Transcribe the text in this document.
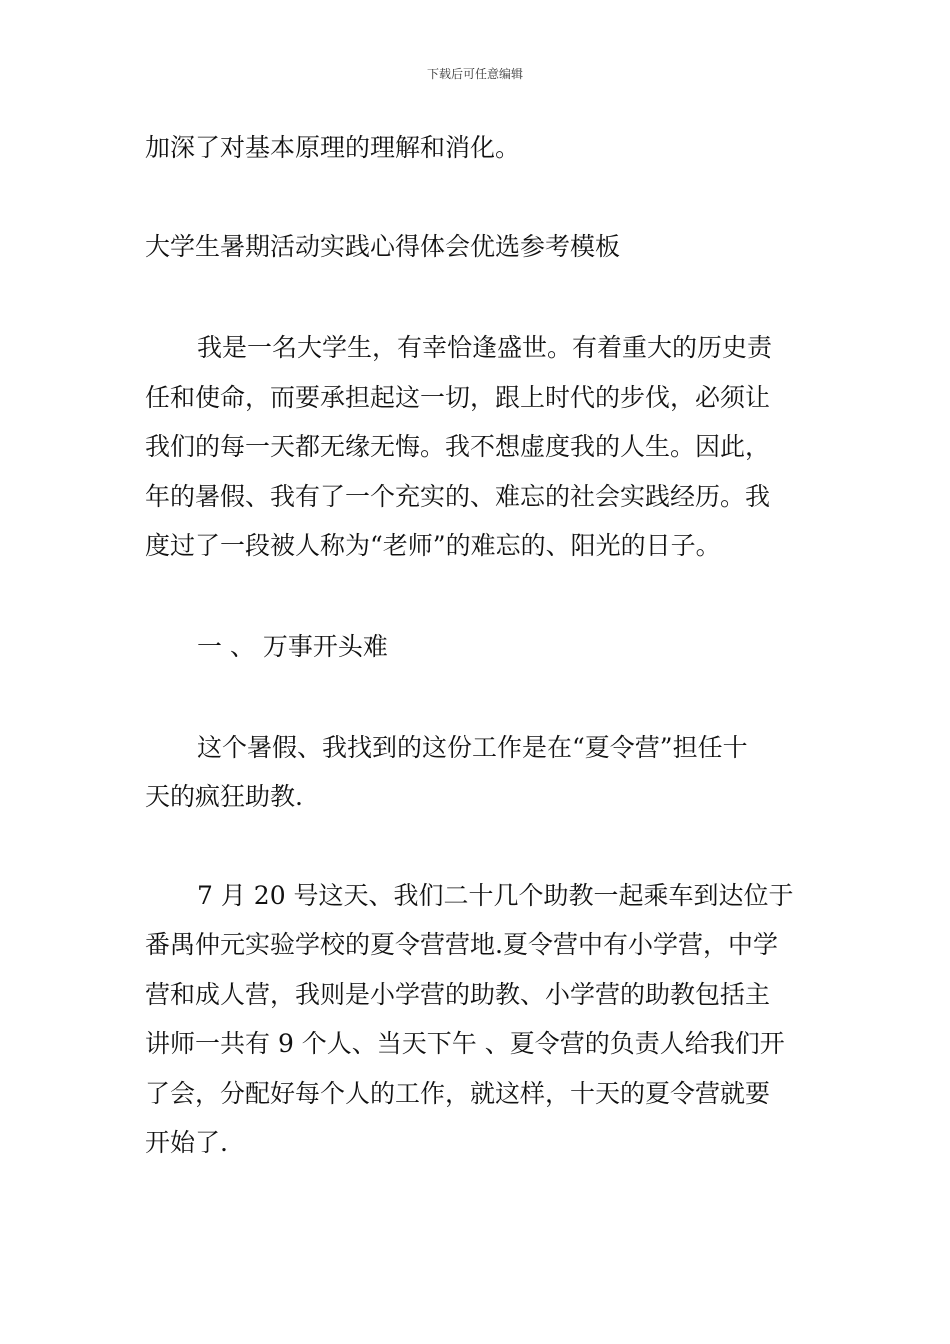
下载后可任意编辑
加深了对基本原理的理解和消化。
大学生暑期活动实践心得体会优选参考模板
我是一名大学生，有幸恰逢盛世。有着重大的历史责
任和使命，而要承担起这一切，跟上时代的步伐，必须让
我们的每一天都无缘无悔。我不想虚度我的人生。因此，
年的暑假、我有了一个充实的、难忘的社会实践经历。我
度过了一段被人称为“老师”的难忘的、阳光的日子。
一 、 万事开头难
这个暑假、我找到的这份工作是在“夏令营”担任十
天的疯狂助教.
7 月 20 号这天、我们二十几个助教一起乘车到达位于
番禺仲元实验学校的夏令营营地.夏令营中有小学营，中学
营和成人营，我则是小学营的助教、小学营的助教包括主
讲师一共有 9 个人、当天下午 、夏令营的负责人给我们开
了会，分配好每个人的工作，就这样，十天的夏令营就要
开始了.
